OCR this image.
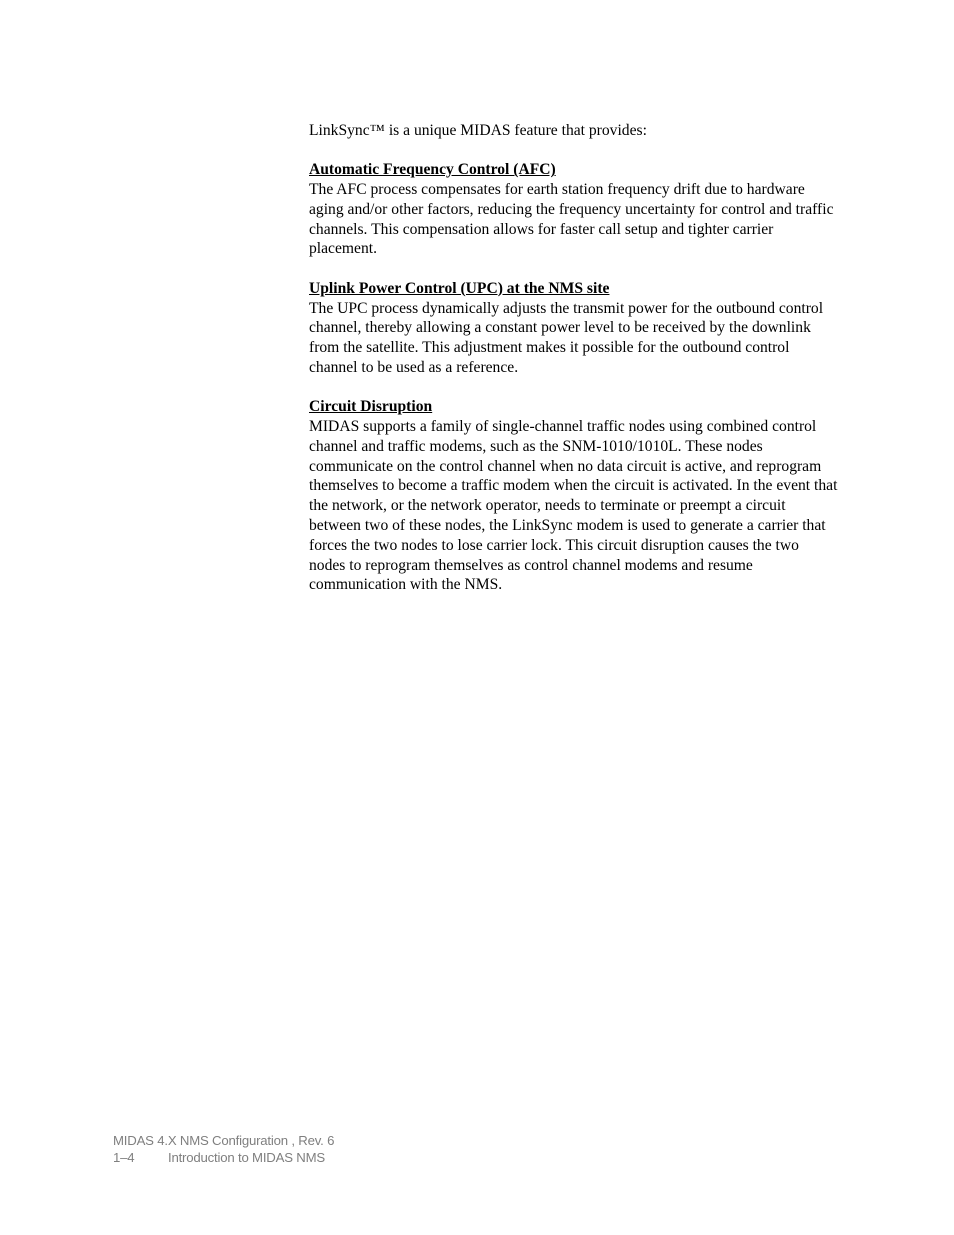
LinkSync™ is a unique MIDAS feature that provides:

Automatic Frequency Control (AFC)

The AFC process compensates for earth station frequency drift due to hardware aging and/or other factors, reducing the frequency uncertainty for control and traffic channels. This compensation allows for faster call setup and tighter carrier placement.

Uplink Power Control (UPC) at the NMS site

The UPC process dynamically adjusts the transmit power for the outbound control channel, thereby allowing a constant power level to be received by the downlink from the satellite. This adjustment makes it possible for the outbound control channel to be used as a reference.

Circuit Disruption

MIDAS supports a family of single-channel traffic nodes using combined control channel and traffic modems, such as the SNM-1010/1010L. These nodes communicate on the control channel when no data circuit is active, and reprogram themselves to become a traffic modem when the circuit is activated. In the event that the network, or the network operator, needs to terminate or preempt a circuit between two of these nodes, the LinkSync modem is used to generate a carrier that forces the two nodes to lose carrier lock. This circuit disruption causes the two nodes to reprogram themselves as control channel modems and resume communication with the NMS.

MIDAS 4.X NMS Configuration , Rev. 6
1–4	Introduction to MIDAS NMS
